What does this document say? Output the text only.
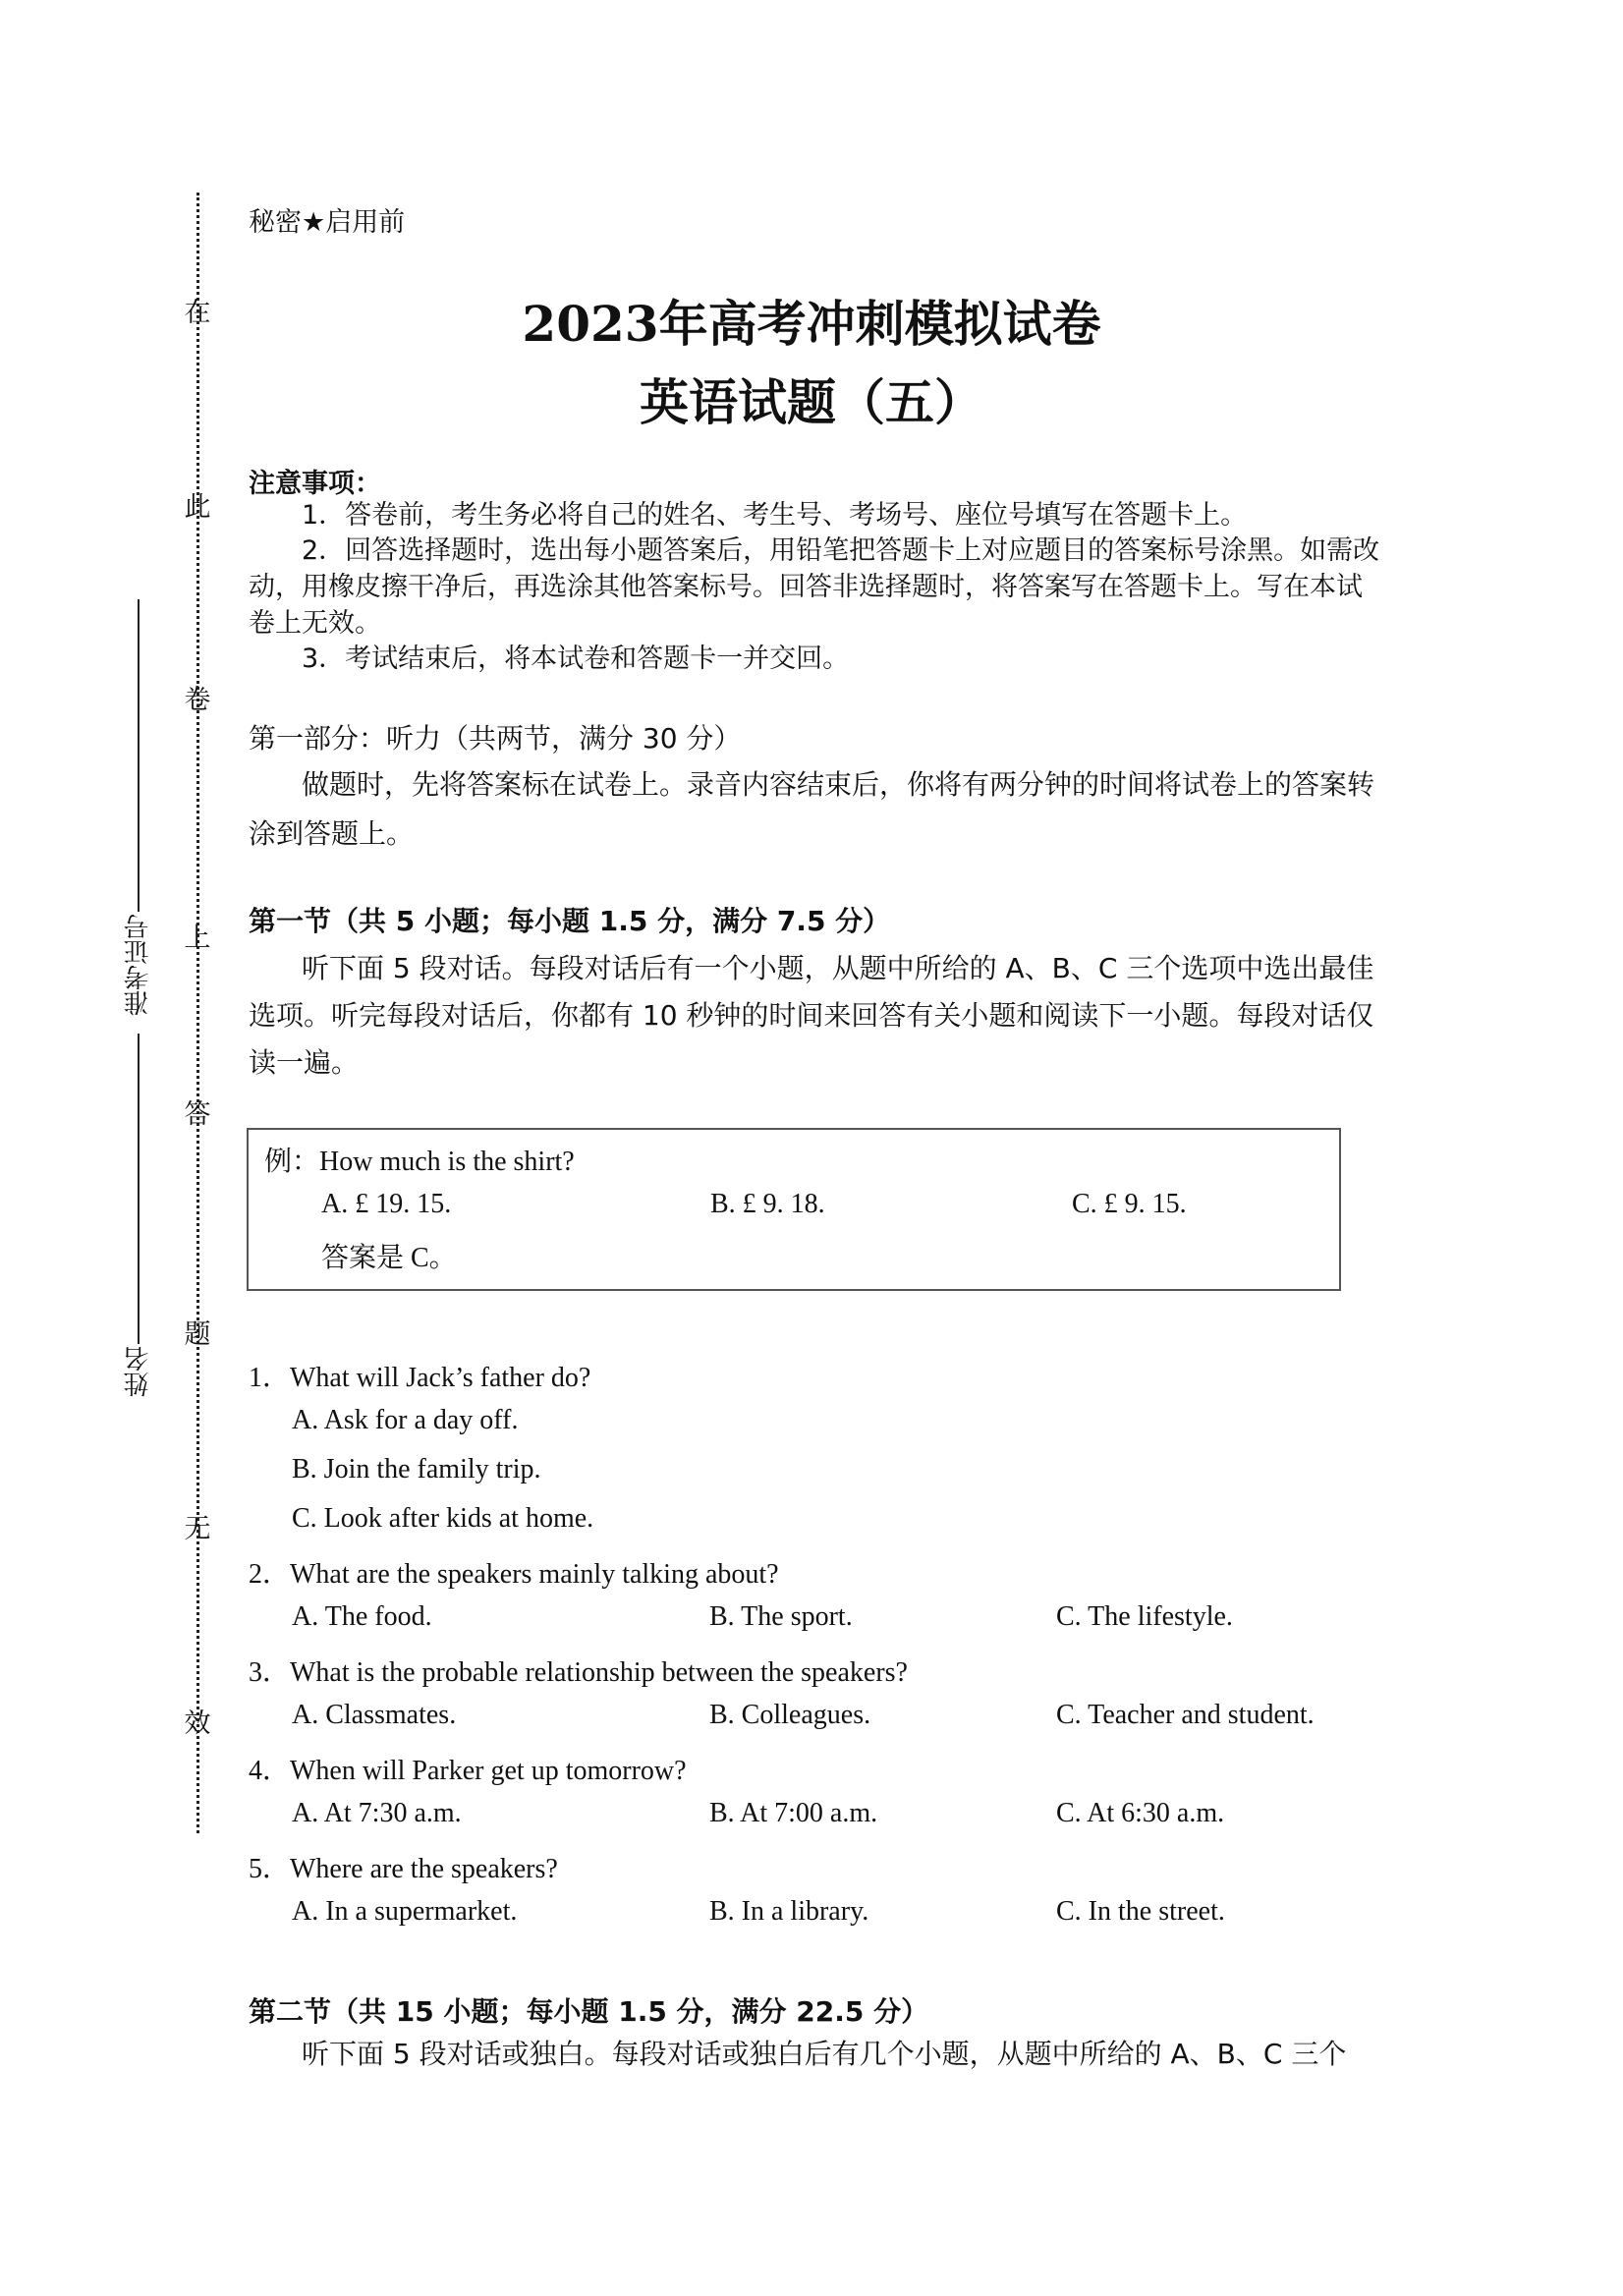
在
此
卷
上
答
题
无
效
准考证号
姓名
秘密★启用前
2023年高考冲刺模拟试卷
英语试题（五）
注意事项：
1．答卷前，考生务必将自己的姓名、考生号、考场号、座位号填写在答题卡上。
2．回答选择题时，选出每小题答案后，用铅笔把答题卡上对应题目的答案标号涂黑。如需改动，用橡皮擦干净后，再选涂其他答案标号。回答非选择题时，将答案写在答题卡上。写在本试卷上无效。
3．考试结束后，将本试卷和答题卡一并交回。
第一部分：听力（共两节，满分 30 分）
做题时，先将答案标在试卷上。录音内容结束后，你将有两分钟的时间将试卷上的答案转涂到答题上。
第一节（共 5 小题；每小题 1.5 分，满分 7.5 分）
听下面 5 段对话。每段对话后有一个小题，从题中所给的 A、B、C 三个选项中选出最佳选项。听完每段对话后，你都有 10 秒钟的时间来回答有关小题和阅读下一小题。每段对话仅读一遍。
例：How much is the shirt?
A. £ 19. 15.	B. £ 9. 18.	C. £ 9. 15.
答案是 C。
1．What will Jack’s father do?
A. Ask for a day off.
B. Join the family trip.
C. Look after kids at home.
2．What are the speakers mainly talking about?
A. The food.	B. The sport.	C. The lifestyle.
3．What is the probable relationship between the speakers?
A. Classmates.	B. Colleagues.	C. Teacher and student.
4．When will Parker get up tomorrow?
A. At 7:30 a.m.	B. At 7:00 a.m.	C. At 6:30 a.m.
5．Where are the speakers?
A. In a supermarket.	B. In a library.	C. In the street.
第二节（共 15 小题；每小题 1.5 分，满分 22.5 分）
听下面 5 段对话或独白。每段对话或独白后有几个小题，从题中所给的 A、B、C 三个
